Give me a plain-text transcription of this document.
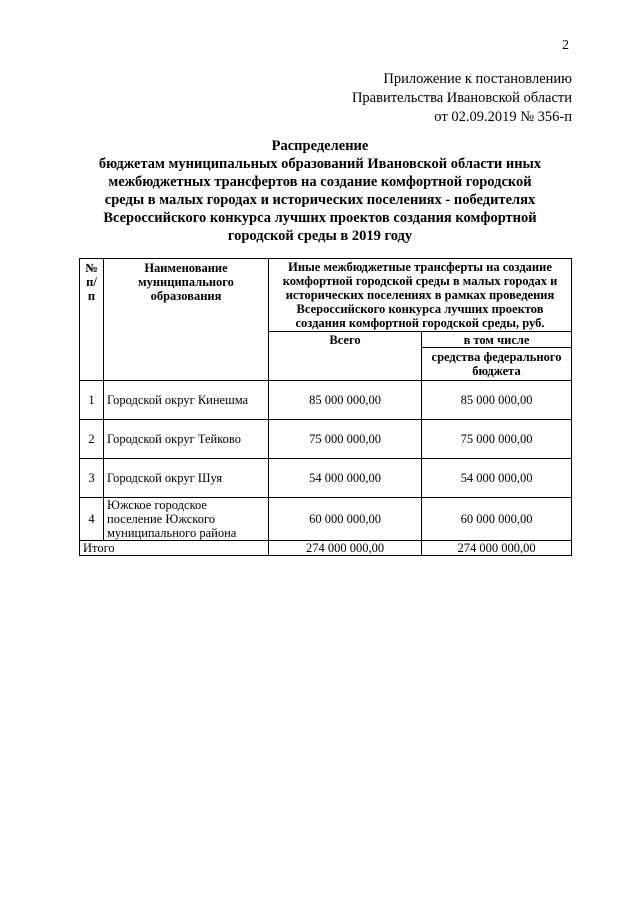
2
Приложение к постановлению
Правительства Ивановской области
от 02.09.2019 № 356-п
Распределение
бюджетам муниципальных образований Ивановской области иных
межбюджетных трансфертов на создание комфортной городской
среды в малых городах и исторических поселениях - победителях
Всероссийского конкурса лучших проектов создания комфортной
городской среды в 2019 году
№ п/п	Наименование муниципального образования	Иные межбюджетные трансферты на создание комфортной городской среды в малых городах и исторических поселениях в рамках проведения Всероссийского конкурса лучших проектов создания комфортной городской среды, руб.	
		Всего	в том числе
			средства федерального бюджета
1	Городской округ Кинешма	85 000 000,00	85 000 000,00
2	Городской округ Тейково	75 000 000,00	75 000 000,00
3	Городской округ Шуя	54 000 000,00	54 000 000,00
4	Южское городское поселение Южского муниципального района	60 000 000,00	60 000 000,00
Итого		274 000 000,00	274 000 000,00
